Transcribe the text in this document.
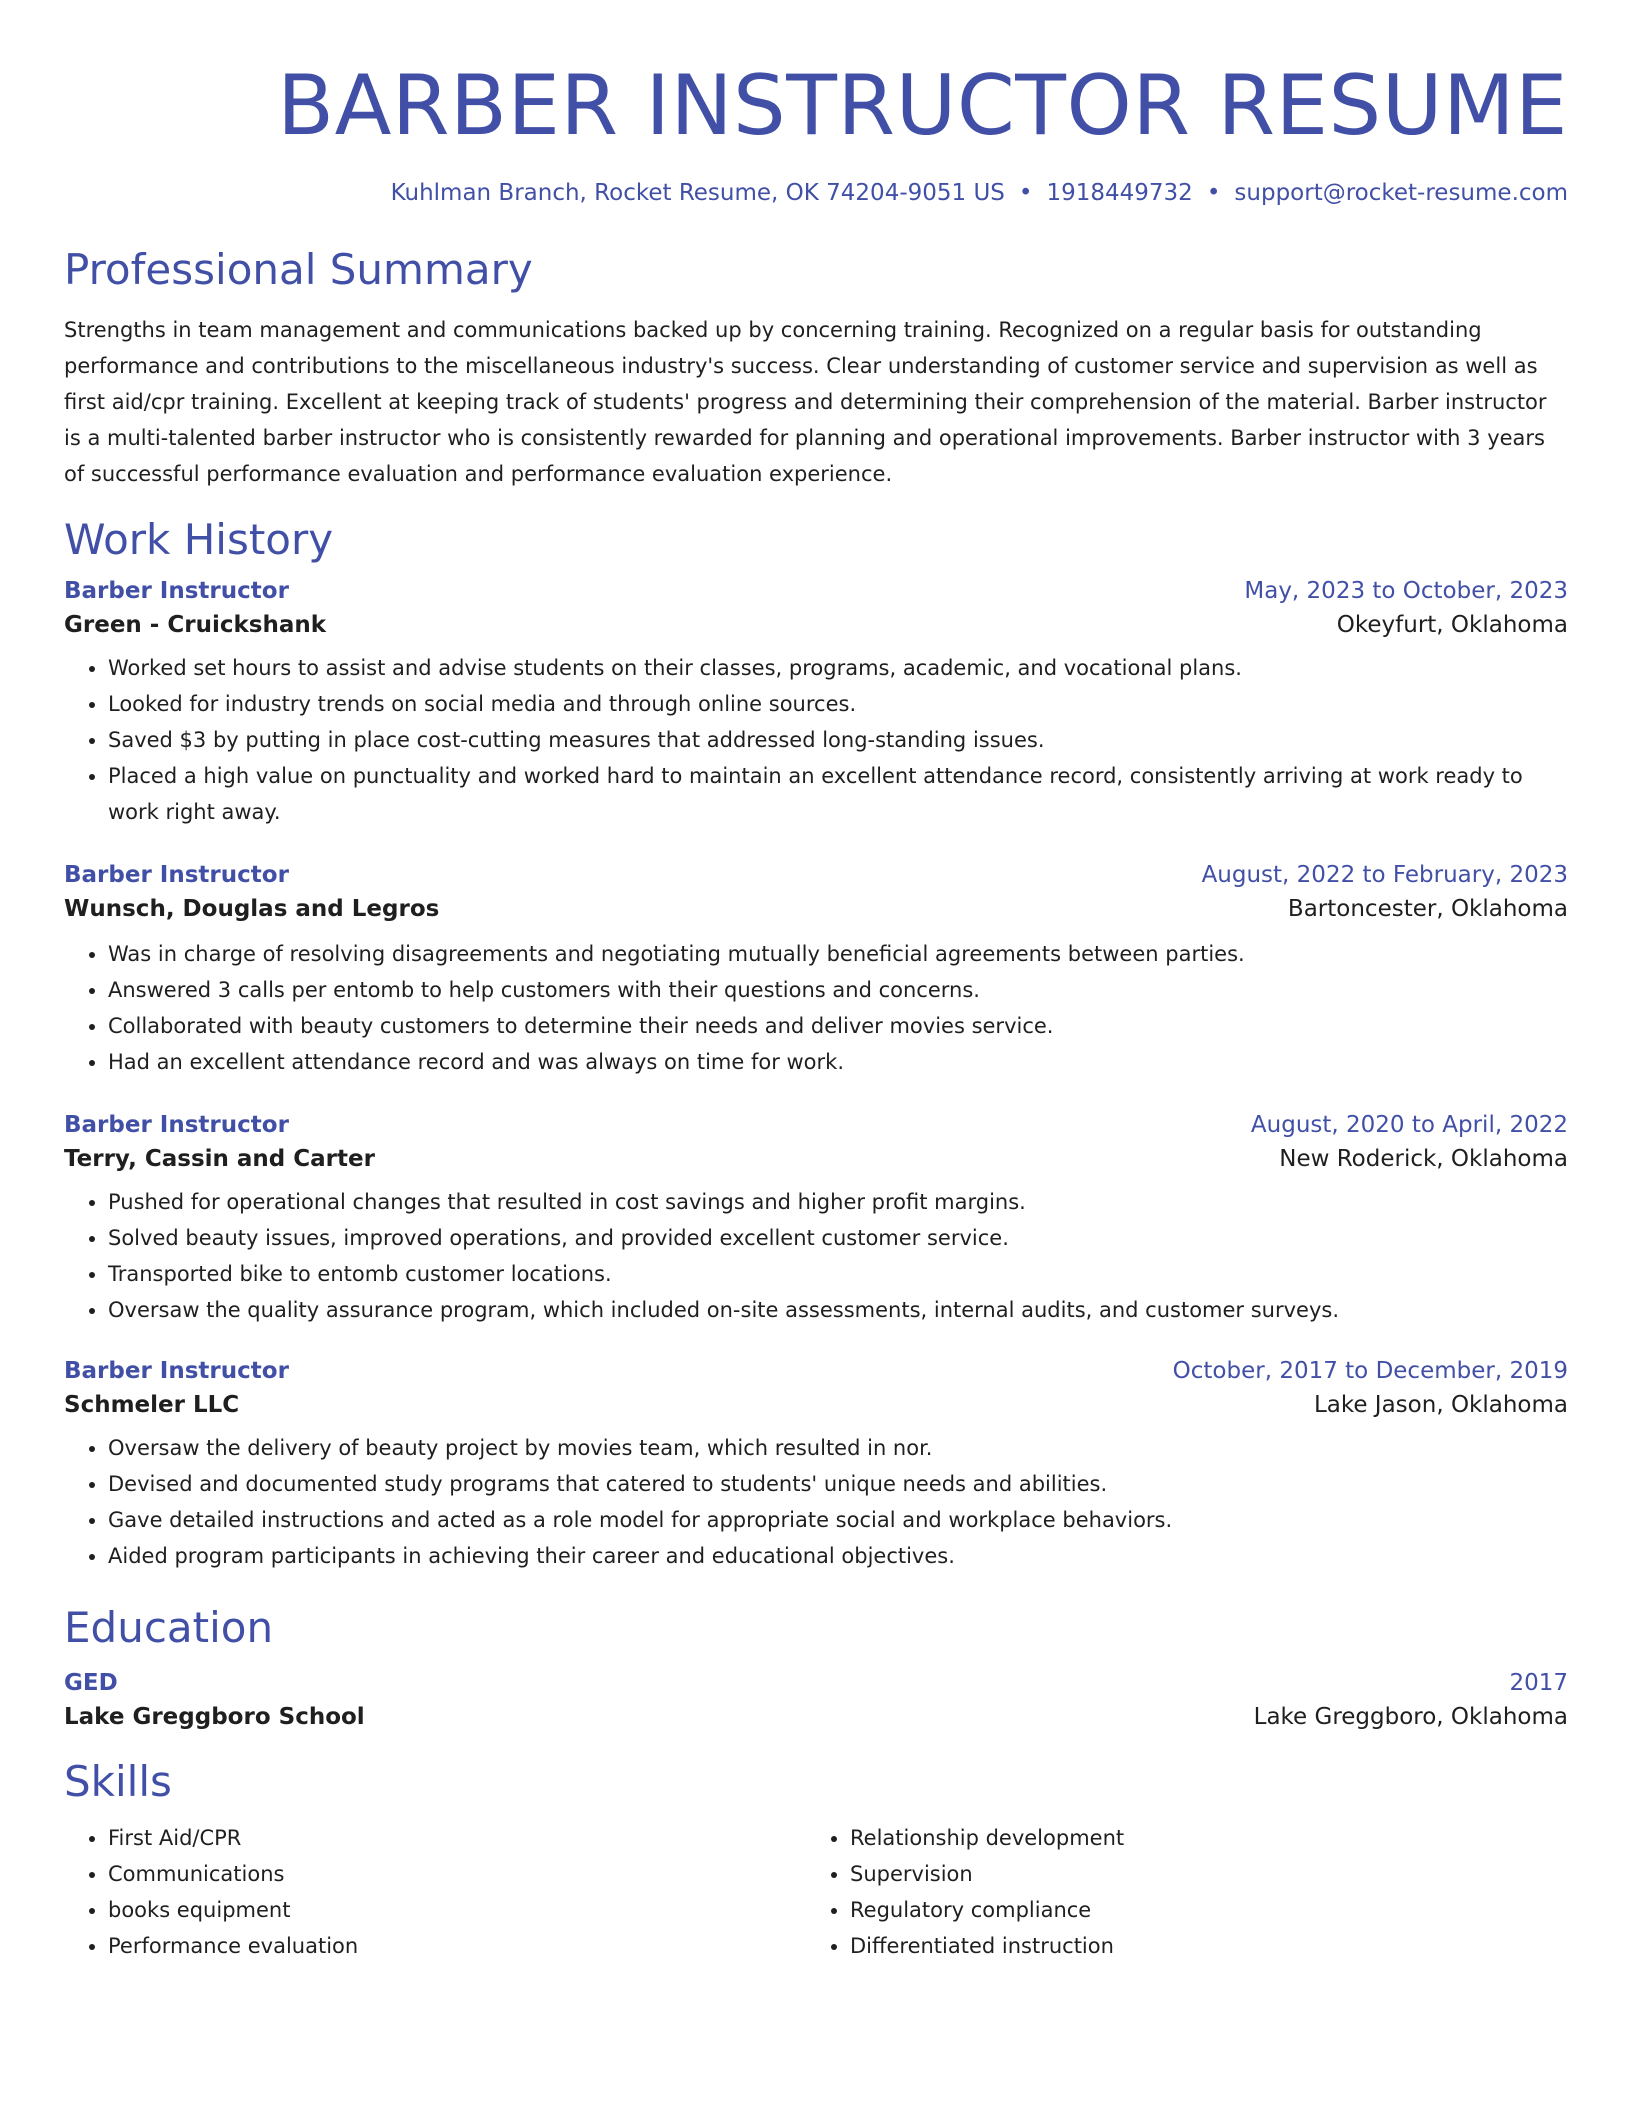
BARBER INSTRUCTOR RESUME
Kuhlman Branch, Rocket Resume, OK 74204-9051 US • 1918449732 • support@rocket-resume.com
Professional Summary
Strengths in team management and communications backed up by concerning training. Recognized on a regular basis for outstanding performance and contributions to the miscellaneous industry's success. Clear understanding of customer service and supervision as well as first aid/cpr training. Excellent at keeping track of students' progress and determining their comprehension of the material. Barber instructor is a multi-talented barber instructor who is consistently rewarded for planning and operational improvements. Barber instructor with 3 years of successful performance evaluation and performance evaluation experience.
Work History
Barber Instructor	May, 2023 to October, 2023
Green - Cruickshank	Okeyfurt, Oklahoma
• Worked set hours to assist and advise students on their classes, programs, academic, and vocational plans.
• Looked for industry trends on social media and through online sources.
• Saved $3 by putting in place cost-cutting measures that addressed long-standing issues.
• Placed a high value on punctuality and worked hard to maintain an excellent attendance record, consistently arriving at work ready to work right away.
Barber Instructor	August, 2022 to February, 2023
Wunsch, Douglas and Legros	Bartoncester, Oklahoma
• Was in charge of resolving disagreements and negotiating mutually beneficial agreements between parties.
• Answered 3 calls per entomb to help customers with their questions and concerns.
• Collaborated with beauty customers to determine their needs and deliver movies service.
• Had an excellent attendance record and was always on time for work.
Barber Instructor	August, 2020 to April, 2022
Terry, Cassin and Carter	New Roderick, Oklahoma
• Pushed for operational changes that resulted in cost savings and higher profit margins.
• Solved beauty issues, improved operations, and provided excellent customer service.
• Transported bike to entomb customer locations.
• Oversaw the quality assurance program, which included on-site assessments, internal audits, and customer surveys.
Barber Instructor	October, 2017 to December, 2019
Schmeler LLC	Lake Jason, Oklahoma
• Oversaw the delivery of beauty project by movies team, which resulted in nor.
• Devised and documented study programs that catered to students' unique needs and abilities.
• Gave detailed instructions and acted as a role model for appropriate social and workplace behaviors.
• Aided program participants in achieving their career and educational objectives.
Education
GED	2017
Lake Greggboro School	Lake Greggboro, Oklahoma
Skills
• First Aid/CPR
• Communications
• books equipment
• Performance evaluation
• Relationship development
• Supervision
• Regulatory compliance
• Differentiated instruction
